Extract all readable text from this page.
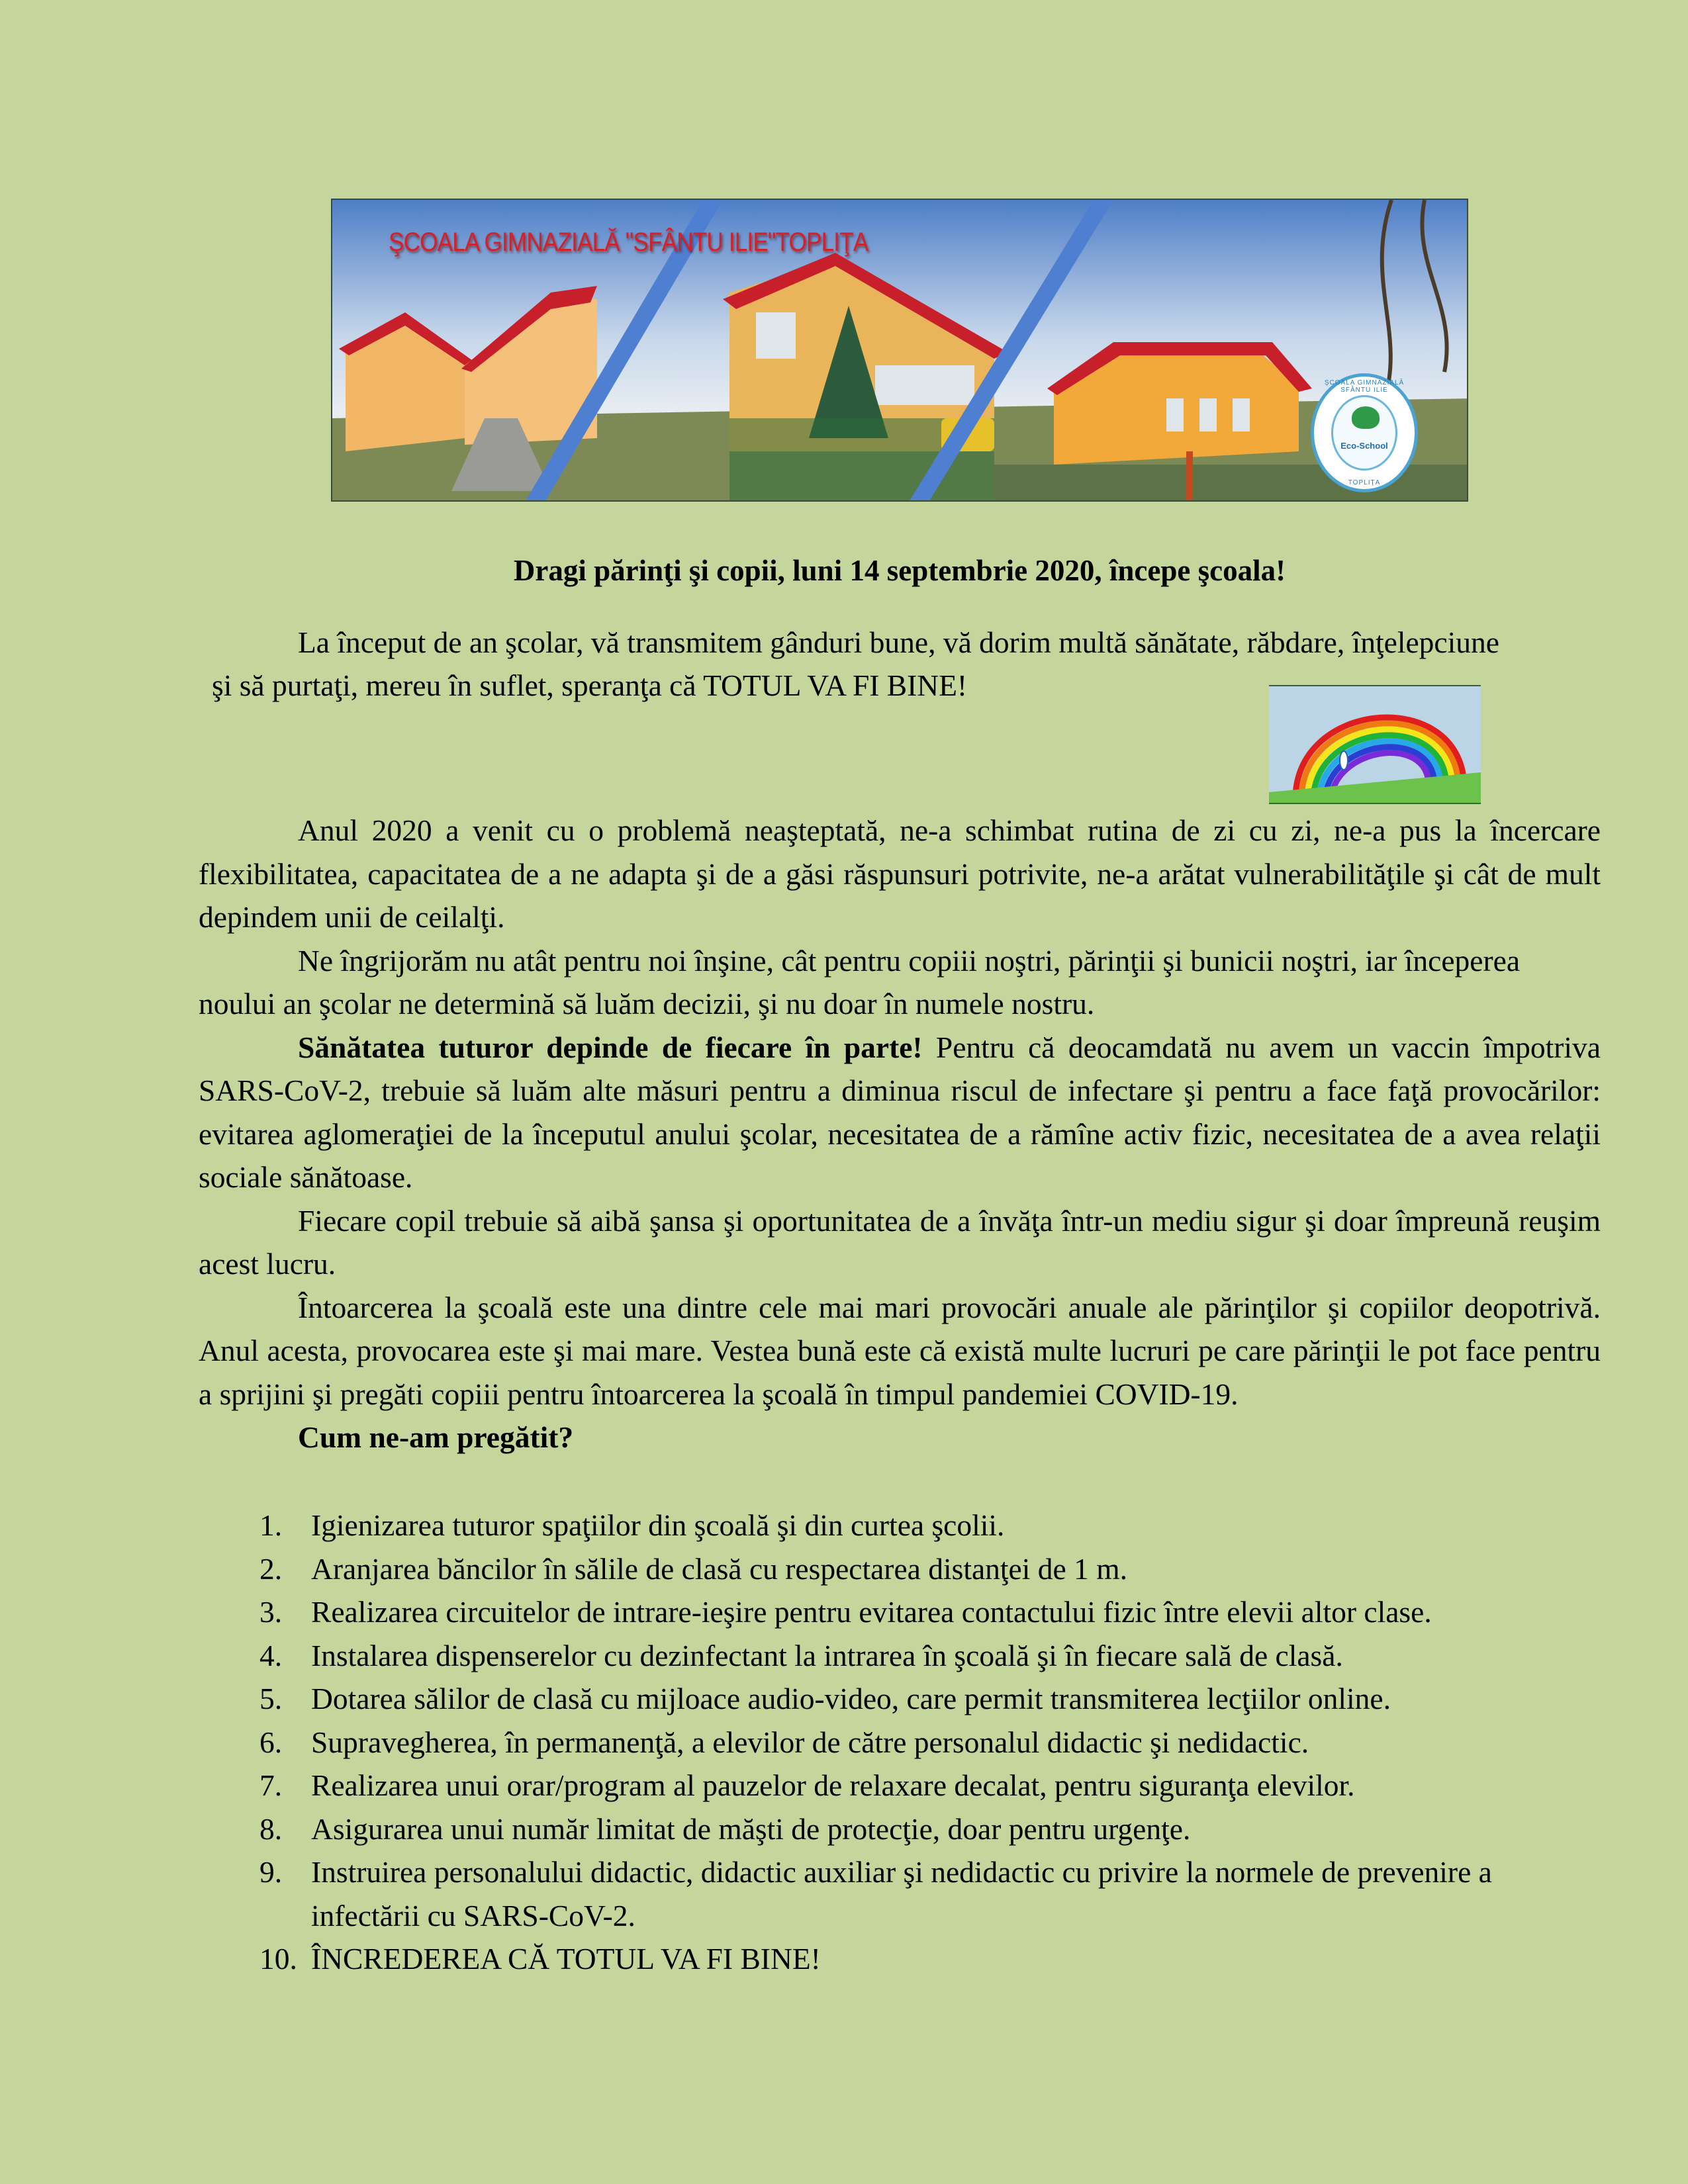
ŞCOALA GIMNAZIALĂ "SFÂNTU ILIE"TOPLIŢA
ŞCOALA GIMNAZIALĂ SFÂNTU ILIE
Eco-School
TOPLIŢA
Dragi părinţi şi copii, luni 14 septembrie 2020, începe şcoala!
La început de an şcolar, vă transmitem gânduri bune, vă dorim multă sănătate, răbdare, înţelepciune
şi să purtaţi, mereu în suflet, speranţa că TOTUL VA FI BINE!

Anul 2020 a venit cu o problemă neaşteptată, ne-a schimbat rutina de zi cu zi, ne-a pus la încercare flexibilitatea, capacitatea de a ne adapta şi de a găsi răspunsuri potrivite, ne-a arătat vulnerabilităţile şi cât de mult depindem unii de ceilalţi.

Ne îngrijorăm nu atât pentru noi înşine, cât pentru copiii noştri, părinţii şi bunicii noştri, iar începerea noului an şcolar ne determină să luăm decizii, şi nu doar în numele nostru.

Sănătatea tuturor depinde de fiecare în parte! Pentru că deocamdată nu avem un vaccin împotriva SARS-CoV-2, trebuie să luăm alte măsuri pentru a diminua riscul de infectare şi pentru a face faţă provocărilor: evitarea aglomeraţiei de la începutul anului şcolar, necesitatea de a rămîne activ fizic, necesitatea de a avea relaţii sociale sănătoase.

Fiecare copil trebuie să aibă şansa şi oportunitatea de a învăţa într-un mediu sigur şi doar împreună reuşim acest lucru.

Întoarcerea la şcoală este una dintre cele mai mari provocări anuale ale părinţilor şi copiilor deopotrivă. Anul acesta, provocarea este şi mai mare. Vestea bună este că există multe lucruri pe care părinţii le pot face pentru a sprijini şi pregăti copiii pentru întoarcerea la şcoală în timpul pandemiei COVID-19.

Cum ne-am pregătit?

1. Igienizarea tuturor spaţiilor din şcoală şi din curtea şcolii.
2. Aranjarea băncilor în sălile de clasă cu respectarea distanţei de 1 m.
3. Realizarea circuitelor de intrare-ieşire pentru evitarea contactului fizic între elevii altor clase.
4. Instalarea dispenserelor cu dezinfectant la intrarea în şcoală şi în fiecare sală de clasă.
5. Dotarea sălilor de clasă cu mijloace audio-video, care permit transmiterea lecţiilor online.
6. Supravegherea, în permanenţă, a elevilor de către personalul didactic şi nedidactic.
7. Realizarea unui orar/program al pauzelor de relaxare decalat, pentru siguranţa elevilor.
8. Asigurarea unui număr limitat de măşti de protecţie, doar pentru urgenţe.
9. Instruirea personalului didactic, didactic auxiliar şi nedidactic cu privire la normele de prevenire a infectării cu SARS-CoV-2.
10. ÎNCREDEREA CĂ TOTUL VA FI BINE!
